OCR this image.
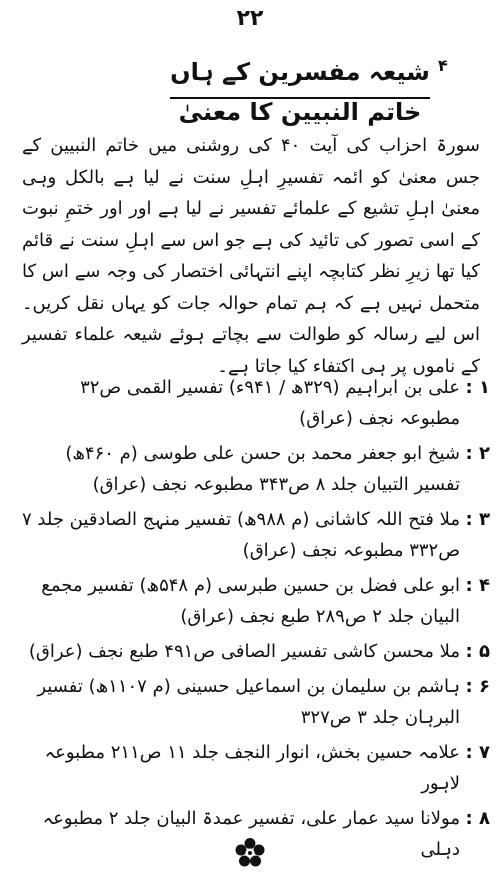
۲۲
شیعہ مفسرین کے ہاں خاتم النبیین کا معنیٰ
۴

سورۃ احزاب کی آیت ۴۰ کی روشنی میں خاتم النبیین کے جس معنیٰ کو ائمہ تفسیرِ اہلِ سنت نے لیا ہے بالکل وہی معنیٰ اہلِ تشیع کے علمائے تفسیر نے لیا ہے اور اور ختمِ نبوت کے اسی تصور کی تائید کی ہے جو اس سے اہلِ سنت نے قائم کیا تھا زیرِ نظر کتابچہ اپنے انتہائی اختصار کی وجہ سے اس کا متحمل نہیں ہے کہ ہم تمام حوالہ جات کو یہاں نقل کریں۔ اس لیے رسالہ کو طوالت سے بچاتے ہوئے شیعہ علماء تفسیر کے ناموں پر ہی اکتفاء کیا جاتا ہے۔

۱ :
علی بن ابراہیم (۳۲۹ھ / ۹۴۱ء) تفسیر القمی ص۳۲ مطبوعہ نجف (عراق)
۲ :
شیخ ابو جعفر محمد بن حسن علی طوسی (م ۴۶۰ھ) تفسیر التبیان جلد ۸ ص۳۴۳ مطبوعہ نجف (عراق)
۳ :
ملا فتح اللہ کاشانی (م ۹۸۸ھ) تفسیر منہج الصادقین جلد ۷ ص۳۳۲ مطبوعہ نجف (عراق)
۴ :
ابو علی فضل بن حسین طبرسی (م ۵۴۸ھ) تفسیر مجمع البیان جلد ۲ ص۲۸۹ طبع نجف (عراق)
۵ :
ملا محسن کاشی تفسیر الصافی ص۴۹۱ طبع نجف (عراق)
۶ :
ہاشم بن سلیمان بن اسماعیل حسینی (م ۱۱۰۷ھ) تفسیر البرہان جلد ۳ ص۳۲۷
۷ :
علامہ حسین بخش، انوار النجف جلد ۱۱ ص۲۱۱ مطبوعہ لاہور
۸ :
مولانا سید عمار علی، تفسیر عمدۃ البیان جلد ۲ مطبوعہ دہلی
